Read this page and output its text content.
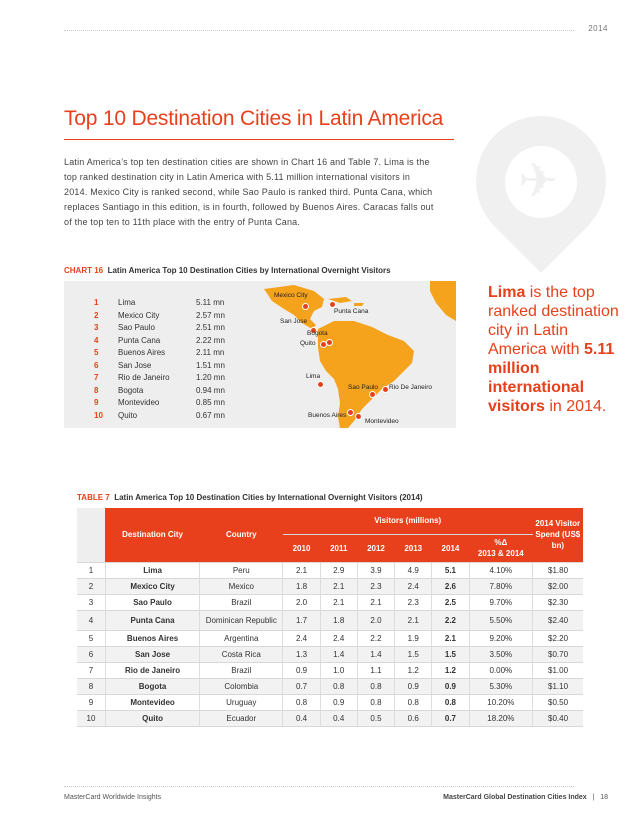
2014
Top 10 Destination Cities in Latin America
Latin America’s top ten destination cities are shown in Chart 16 and Table 7. Lima is the top ranked destination city in Latin America with 5.11 million international visitors in 2014. Mexico City is ranked second, while Sao Paulo is ranked third. Punta Cana, which replaces Santiago in this edition, is in fourth, followed by Buenos Aires. Caracas falls out of the top ten to 11th place with the entry of Punta Cana.
✈
CHART 16 Latin America Top 10 Destination Cities by International Overnight Visitors
1 Lima	5.11 mn
2 Mexico City	2.57 mn
3 Sao Paulo	2.51 mn
4 Punta Cana	2.22 mn
5 Buenos Aires	2.11 mn
6 San Jose	1.51 mn
7 Rio de Janeiro	1.20 mn
8 Bogota	0.94 mn
9 Montevideo	0.85 mn
10 Quito	0.67 mn
Mexico City
Punta Cana
San Jose
Bogota
Quito
Lima
Sao Paulo Rio De Janeiro
Buenos Aires
Montevideo
Lima is the top ranked destination city in Latin America with 5.11 million international visitors in 2014.
TABLE 7 Latin America Top 10 Destination Cities by International Overnight Visitors (2014)
	Destination City	Country	Visitors (millions)						2014 Visitor Spend (US$ bn)
			2010	2011	2012	2013	2014	%Δ
2013 & 2014	
1	Lima	Peru	2.1	2.9	3.9	4.9	5.1	4.10%	$1.80
2	Mexico City	Mexico	1.8	2.1	2.3	2.4	2.6	7.80%	$2.00
3	Sao Paulo	Brazil	2.0	2.1	2.1	2.3	2.5	9.70%	$2.30
4	Punta Cana	Dominican Republic	1.7	1.8	2.0	2.1	2.2	5.50%	$2.40
5	Buenos Aires	Argentina	2.4	2.4	2.2	1.9	2.1	9.20%	$2.20
6	San Jose	Costa Rica	1.3	1.4	1.4	1.5	1.5	3.50%	$0.70
7	Rio de Janeiro	Brazil	0.9	1.0	1.1	1.2	1.2	0.00%	$1.00
8	Bogota	Colombia	0.7	0.8	0.8	0.9	0.9	5.30%	$1.10
9	Montevideo	Uruguay	0.8	0.9	0.8	0.8	0.8	10.20%	$0.50
10	Quito	Ecuador	0.4	0.4	0.5	0.6	0.7	18.20%	$0.40
MasterCard Worldwide Insights	MasterCard Global Destination Cities Index | 18
